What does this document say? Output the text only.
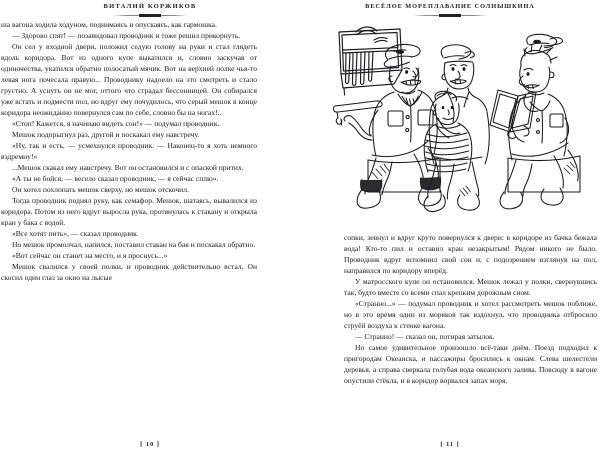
ВИТАЛИЙ КОРЖИКОВ

ша вагона ходила ходуном, поднимаясь и опускаясь, как гармошка.

— Здорово спят! — позавидовал проводник и тоже решил прикорнуть.

Он сел у входной двери, положил седую голову на руки и стал глядеть вдоль коридора. Вот из одного купе выкатился и, словно заскучав от одиночества, укатился обратно полосатый мячик. Вот на верхней полке чья-то левая нога почесала правую... Проводнику надоело на это смотреть и стало грустно. А уснуть он не мог, оттого что страдал бессонницей. Он собирался уже встать и подмести пол, но вдруг ему почудилось, что серый мешок в конце коридора неожиданно повернулся сам по себе, словно бы на ногах!..

«Стоп! Кажется, я начинаю видеть сон!» — подумал проводник.

Мешок подпрыгнул раз, другой и поскакал ему навстречу.

«Ну, так и есть, — усмехнулся проводник. — Наконец-то я хоть немного вздремну!»

...Мешок скакал ему навстречу. Вот он остановился и с опаской притих.

«А ты не бойся, — весело сказал проводник, — я сейчас сплю».

Он хотел похлопать мешок сверху, но мешок отскочил.

Тогда проводник поднял руку, как семафор. Мешок, шатаясь, вывалился из коридора. Потом из него вдруг выросла рука, протянулась к стакану и открыла кран у бака с водой.

«Все хотят пить», — сказал проводник.

Но мешок промолчал, напился, поставил стакан на бак и поскакал обратно.

«Вот сейчас он станет на место, и я проснусь...»

Мешок свалился у своей полки, и проводник действительно встал. Он скосил один глаз за окно на лысые

[ 10 ]
ВЕСЁЛОЕ МОРЕПЛАВАНИЕ СОЛНЫШКИНА

сопки, зевнул и вдруг круто повернулся к двери: в коридоре из бачка бежала вода! Кто-то пил и оставил кран незакрытым! Рядом никого не было. Проводник вдруг вспомнил свой сон и, с подозрением взглянув на пол, направился по коридору вперёд.

У матросского купе он остановился. Мешок лежал у полки, свернувшись так, будто вместе со всеми спал крепким дорожным сном.

«Странно...» — подумал проводник и хотел рассмотреть мешок поближе, но в это время один из моряков так вздохнул, что проводника отбросило струёй воздуха к стенке вагона.

— Странно! — сказал он, потирая затылок.

Но самое удивительное произошло всё-таки днём. Поезд подходил к пригородам Океанска, и пассажиры бросились к окнам. Слева шелестели деревья, а справа сверкала голубая вода океанского залива. Повсюду в вагоне опустили стёкла, и в коридор ворвался запах моря.

[ 11 ]
